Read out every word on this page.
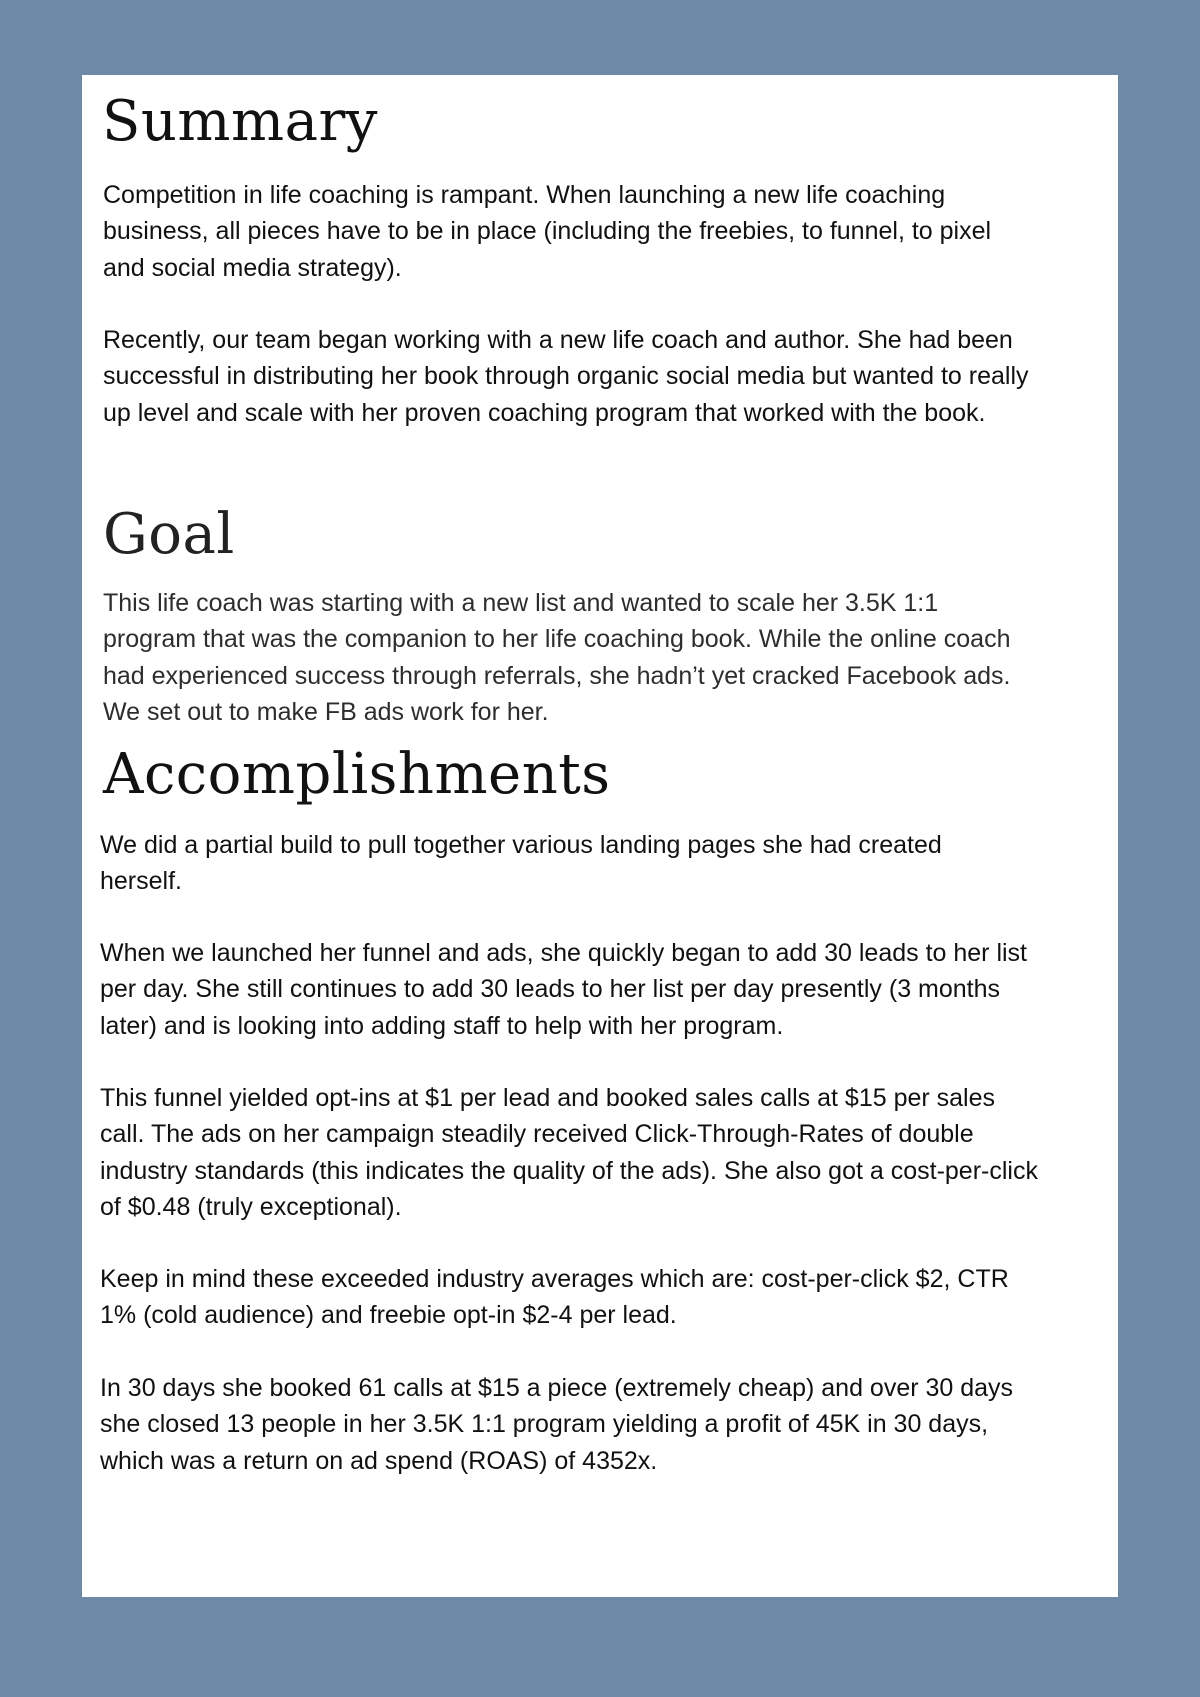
Summary

Competition in life coaching is rampant. When launching a new life coaching business, all pieces have to be in place (including the freebies, to funnel, to pixel and social media strategy).

Recently, our team began working with a new life coach and author. She had been successful in distributing her book through organic social media but wanted to really up level and scale with her proven coaching program that worked with the book.

Goal

This life coach was starting with a new list and wanted to scale her 3.5K 1:1 program that was the companion to her life coaching book. While the online coach had experienced success through referrals, she hadn’t yet cracked Facebook ads. We set out to make FB ads work for her.

Accomplishments

We did a partial build to pull together various landing pages she had created herself.

When we launched her funnel and ads, she quickly began to add 30 leads to her list per day. She still continues to add 30 leads to her list per day presently (3 months later) and is looking into adding staff to help with her program.

This funnel yielded opt-ins at $1 per lead and booked sales calls at $15 per sales call. The ads on her campaign steadily received Click-Through-Rates of double industry standards (this indicates the quality of the ads). She also got a cost-per-click of $0.48 (truly exceptional).

Keep in mind these exceeded industry averages which are: cost-per-click $2, CTR 1% (cold audience) and freebie opt-in $2-4 per lead.

In 30 days she booked 61 calls at $15 a piece (extremely cheap) and over 30 days she closed 13 people in her 3.5K 1:1 program yielding a profit of 45K in 30 days, which was a return on ad spend (ROAS) of 4352x.
